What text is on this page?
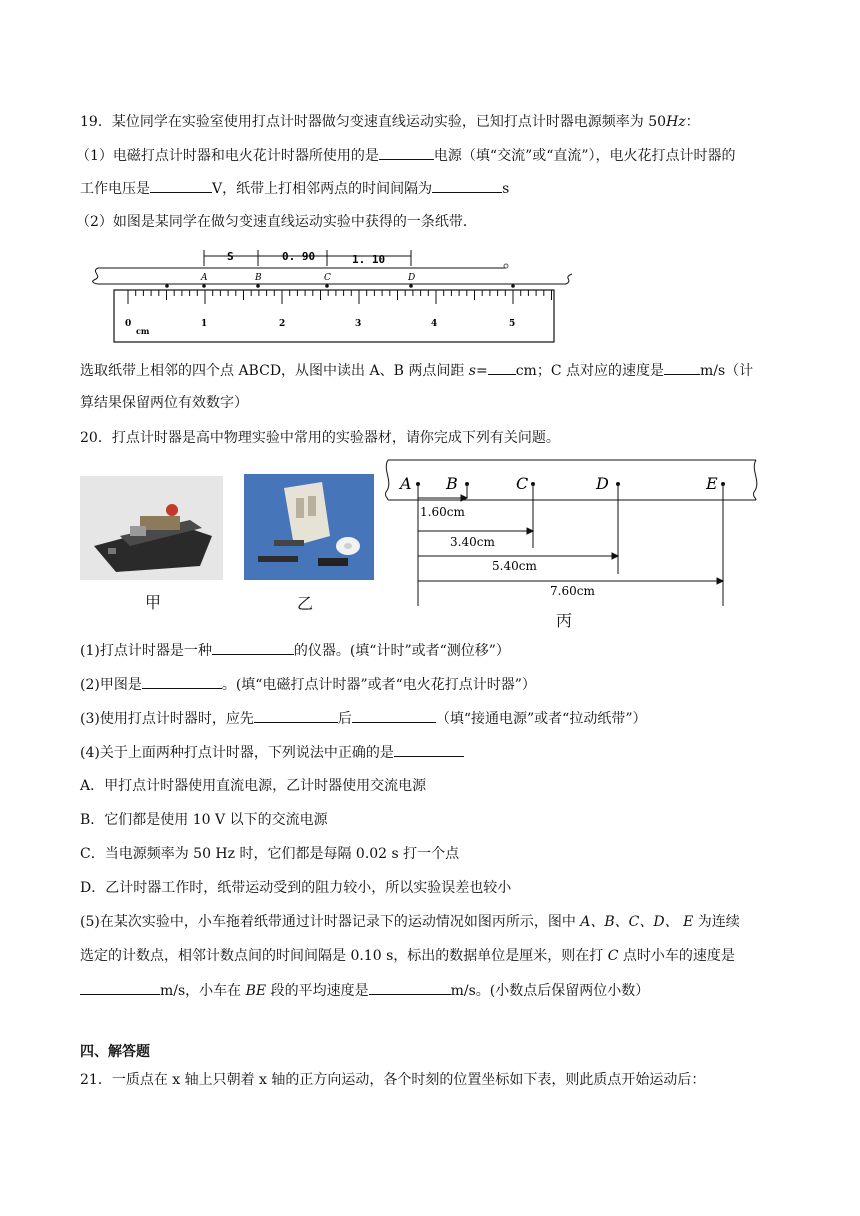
19．某位同学在实验室使用打点计时器做匀变速直线运动实验，已知打点计时器电源频率为 50Hz：
（1）电磁打点计时器和电火花计时器所使用的是	电源（填“交流”或“直流”），电火花打点计时器的
工作电压是	V，纸带上打相邻两点的时间间隔为	s
（2）如图是某同学在做匀变速直线运动实验中获得的一条纸带．
S	0. 90	1. 10
A	B	C	D
0	1	2	3	4	5
cm
选取纸带上相邻的四个点 ABCD，从图中读出 A、B 两点间距 s= cm；C 点对应的速度是	m/s（计
算结果保留两位有效数字）
20．打点计时器是高中物理实验中常用的实验器材，请你完成下列有关问题。
甲	乙
A B	C	D	E
1.60cm
3.40cm
5.40cm
7.60cm
丙
(1)打点计时器是一种	的仪器。(填“计时”或者“测位移”）
(2)甲图是	。(填“电磁打点计时器”或者“电火花打点计时器”）
(3)使用打点计时器时，应先	后	（填“接通电源”或者“拉动纸带”）
(4)关于上面两种打点计时器，下列说法中正确的是
A．甲打点计时器使用直流电源，乙计时器使用交流电源
B．它们都是使用 10 V 以下的交流电源
C．当电源频率为 50 Hz 时，它们都是每隔 0.02 s 打一个点
D．乙计时器工作时，纸带运动受到的阻力较小，所以实验误差也较小
(5)在某次实验中，小车拖着纸带通过计时器记录下的运动情况如图丙所示，图中 A、B、C、D、 E 为连续
选定的计数点，相邻计数点间的时间间隔是 0.10 s，标出的数据单位是厘米，则在打 C 点时小车的速度是
m/s，小车在 BE 段的平均速度是	m/s。(小数点后保留两位小数）
四、解答题
21．一质点在 x 轴上只朝着 x 轴的正方向运动，各个时刻的位置坐标如下表，则此质点开始运动后：
